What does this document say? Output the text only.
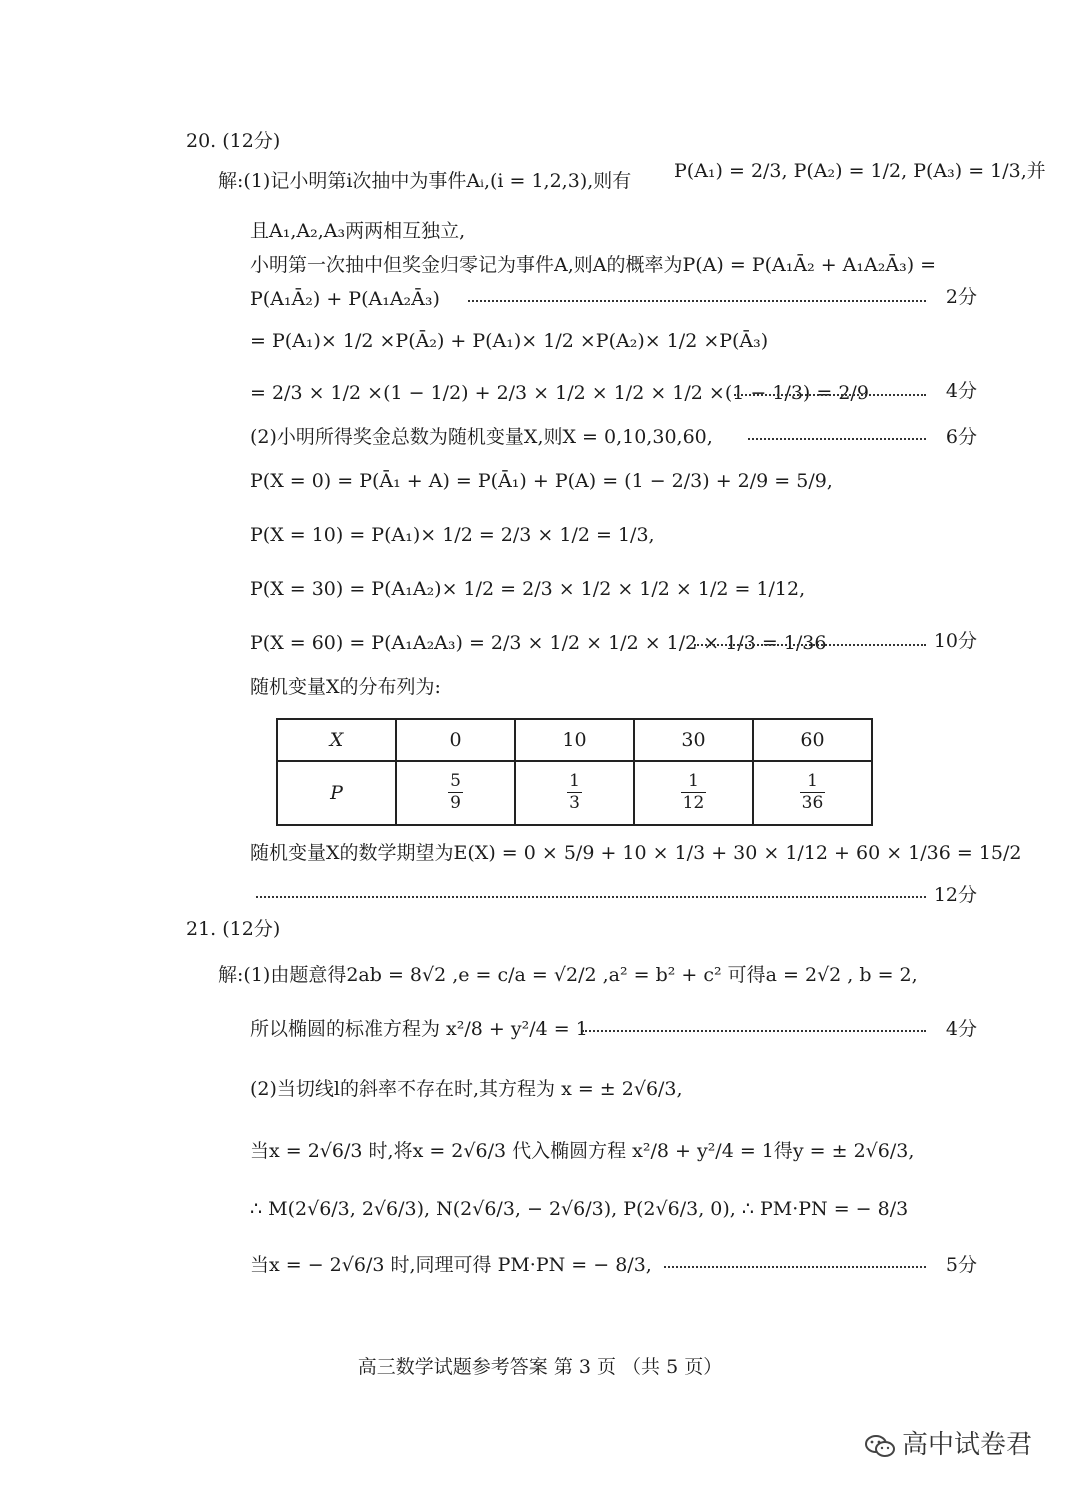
20. (12分)
解:(1)记小明第i次抽中为事件Aᵢ,(i = 1,2,3),则有 P(A₁) = 2/3, P(A₂) = 1/2, P(A₃) = 1/3,并
且A₁,A₂,A₃两两相互独立,
小明第一次抽中但奖金归零记为事件A,则A的概率为P(A) = P(A₁Ā₂ + A₁A₂Ā₃) =
P(A₁Ā₂) + P(A₁A₂Ā₃)	2分
= P(A₁)× 1/2 ×P(Ā₂) + P(A₁)× 1/2 ×P(A₂)× 1/2 ×P(Ā₃)
= 2/3 × 1/2 ×(1 − 1/2) + 2/3 × 1/2 × 1/2 × 1/2 ×(1 − 1/3) = 2/9	4分
(2)小明所得奖金总数为随机变量X,则X = 0,10,30,60,	6分
P(X = 0) = P(Ā₁ + A) = P(Ā₁) + P(A) = (1 − 2/3) + 2/9 = 5/9,
P(X = 10) = P(A₁)× 1/2 = 2/3 × 1/2 = 1/3,
P(X = 30) = P(A₁A₂)× 1/2 = 2/3 × 1/2 × 1/2 × 1/2 = 1/12,
P(X = 60) = P(A₁A₂A₃) = 2/3 × 1/2 × 1/2 × 1/2 × 1/3 = 1/36	10分
随机变量X的分布列为:
X	0	10	30	60
P	$\frac{5}{9}$	$\frac{1}{3}$	$\frac{1}{12}$	$\frac{1}{36}$
随机变量X的数学期望为E(X) = 0 × 5/9 + 10 × 1/3 + 30 × 1/12 + 60 × 1/36 = 15/2
12分
21. (12分)
解:(1)由题意得2ab = 8√2 ,e = c/a = √2/2 ,a² = b² + c² 可得a = 2√2 , b = 2,
所以椭圆的标准方程为 x²/8 + y²/4 = 1	4分
(2)当切线l的斜率不存在时,其方程为 x = ± 2√6/3,
当x = 2√6/3 时,将x = 2√6/3 代入椭圆方程 x²/8 + y²/4 = 1得y = ± 2√6/3,
∴ M(2√6/3, 2√6/3), N(2√6/3, − 2√6/3), P(2√6/3, 0), ∴ PM·PN = − 8/3
当x = − 2√6/3 时,同理可得 PM·PN = − 8/3,	5分
高三数学试题参考答案 第 3 页 （共 5 页）
高中试卷君
